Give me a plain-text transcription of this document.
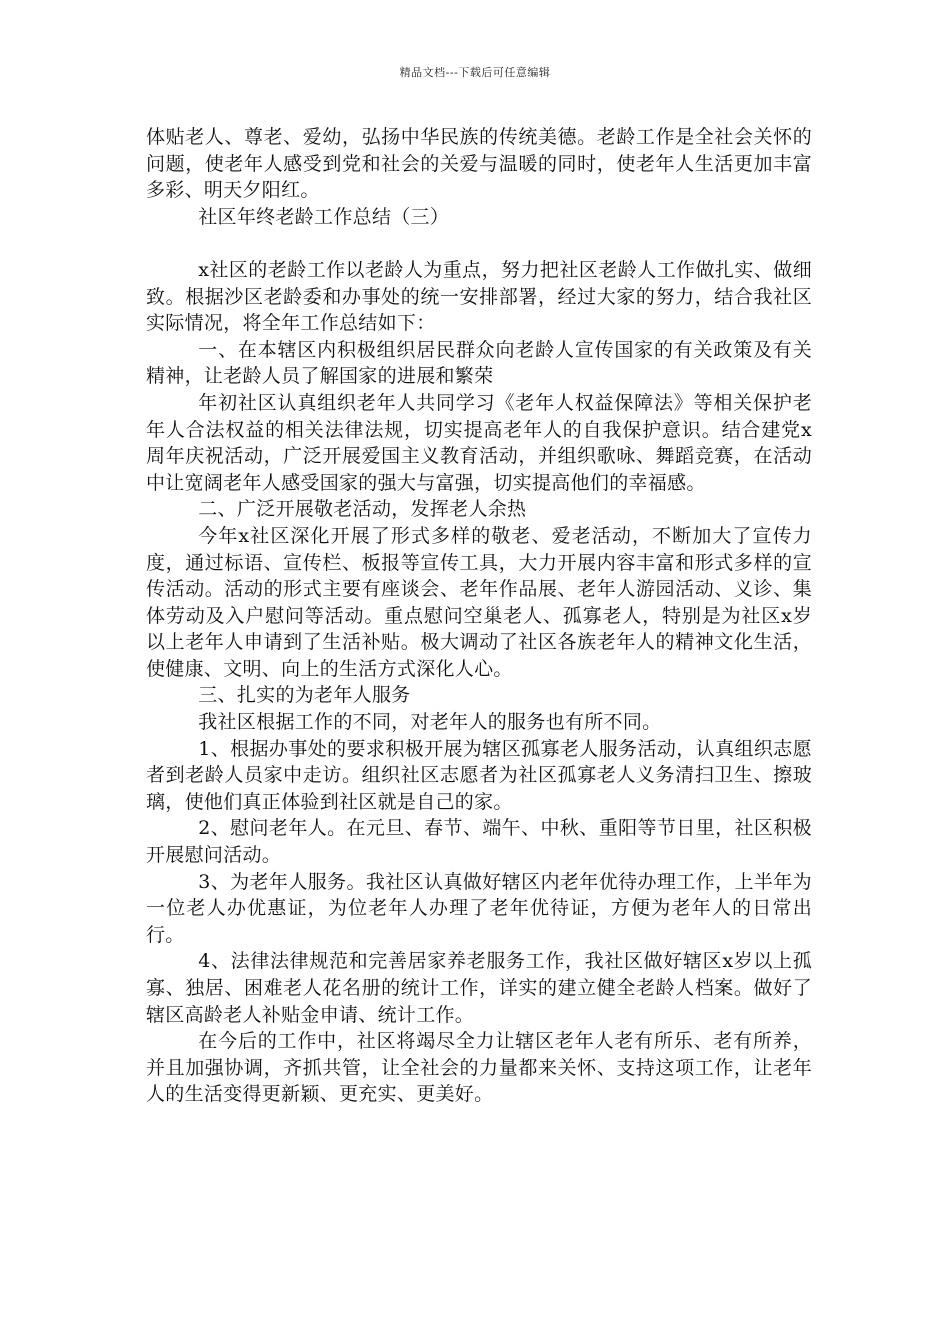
精品文档---下载后可任意编辑

体贴老人、尊老、爱幼，弘扬中华民族的传统美德。老龄工作是全社会关怀的问题，使老年人感受到党和社会的关爱与温暖的同时，使老年人生活更加丰富多彩、明天夕阳红。

社区年终老龄工作总结（三）

x社区的老龄工作以老龄人为重点，努力把社区老龄人工作做扎实、做细致。根据沙区老龄委和办事处的统一安排部署，经过大家的努力，结合我社区实际情况，将全年工作总结如下：

一、在本辖区内积极组织居民群众向老龄人宣传国家的有关政策及有关精神，让老龄人员了解国家的进展和繁荣

年初社区认真组织老年人共同学习《老年人权益保障法》等相关保护老年人合法权益的相关法律法规，切实提高老年人的自我保护意识。结合建党x周年庆祝活动，广泛开展爱国主义教育活动，并组织歌咏、舞蹈竞赛，在活动中让宽阔老年人感受国家的强大与富强，切实提高他们的幸福感。

二、广泛开展敬老活动，发挥老人余热

今年x社区深化开展了形式多样的敬老、爱老活动，不断加大了宣传力度，通过标语、宣传栏、板报等宣传工具，大力开展内容丰富和形式多样的宣传活动。活动的形式主要有座谈会、老年作品展、老年人游园活动、义诊、集体劳动及入户慰问等活动。重点慰问空巢老人、孤寡老人，特别是为社区x岁以上老年人申请到了生活补贴。极大调动了社区各族老年人的精神文化生活，使健康、文明、向上的生活方式深化人心。

三、扎实的为老年人服务

我社区根据工作的不同，对老年人的服务也有所不同。

1、根据办事处的要求积极开展为辖区孤寡老人服务活动，认真组织志愿者到老龄人员家中走访。组织社区志愿者为社区孤寡老人义务清扫卫生、擦玻璃，使他们真正体验到社区就是自己的家。

2、慰问老年人。在元旦、春节、端午、中秋、重阳等节日里，社区积极开展慰问活动。

3、为老年人服务。我社区认真做好辖区内老年优待办理工作，上半年为一位老人办优惠证，为位老年人办理了老年优待证，方便为老年人的日常出行。

4、法律法律规范和完善居家养老服务工作，我社区做好辖区x岁以上孤寡、独居、困难老人花名册的统计工作，详实的建立健全老龄人档案。做好了辖区高龄老人补贴金申请、统计工作。

在今后的工作中，社区将竭尽全力让辖区老年人老有所乐、老有所养，并且加强协调，齐抓共管，让全社会的力量都来关怀、支持这项工作，让老年人的生活变得更新颖、更充实、更美好。
